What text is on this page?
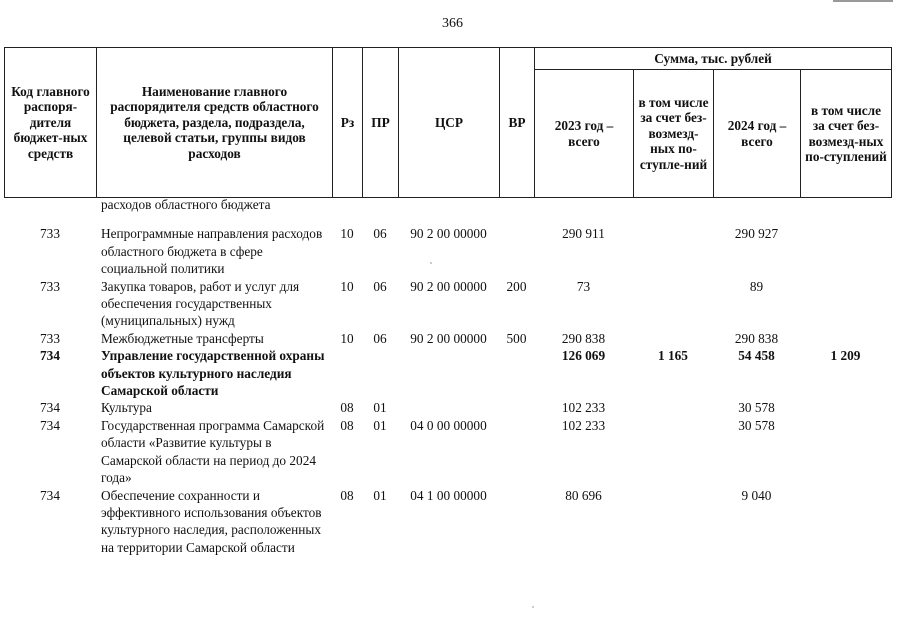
366
Код главного распоря-дителя бюджет-ных средств	Наименование главного распорядителя средств областного бюджета, раздела, подраздела, целевой статьи, группы видов расходов	Рз	ПР	ЦСР	ВР	Сумма, тыс. рублей			
						2023 год – всего	в том числе за счет без-возмезд-ных по-ступле-ний	2024 год – всего	в том числе за счет без-возмезд-ных по-ступлений
	расходов областного бюджета								
733	Непрограммные направления расходов областного бюджета в сфере социальной политики	10	06	90 2 00 00000		290 911		290 927	
733	Закупка товаров, работ и услуг для обеспечения государственных (муниципальных) нужд	10	06	90 2 00 00000	200	73		89	
733	Межбюджетные трансферты	10	06	90 2 00 00000	500	290 838		290 838	
734	Управление государственной охраны объектов культурного наследия Самарской области					126 069	1 165	54 458	1 209
734	Культура	08	01			102 233		30 578	
734	Государственная программа Самарской области «Развитие культуры в Самарской области на период до 2024 года»	08	01	04 0 00 00000		102 233		30 578	
734	Обеспечение сохранности и эффективного использования объектов культурного наследия, расположенных на территории Самарской области	08	01	04 1 00 00000		80 696		9 040	
